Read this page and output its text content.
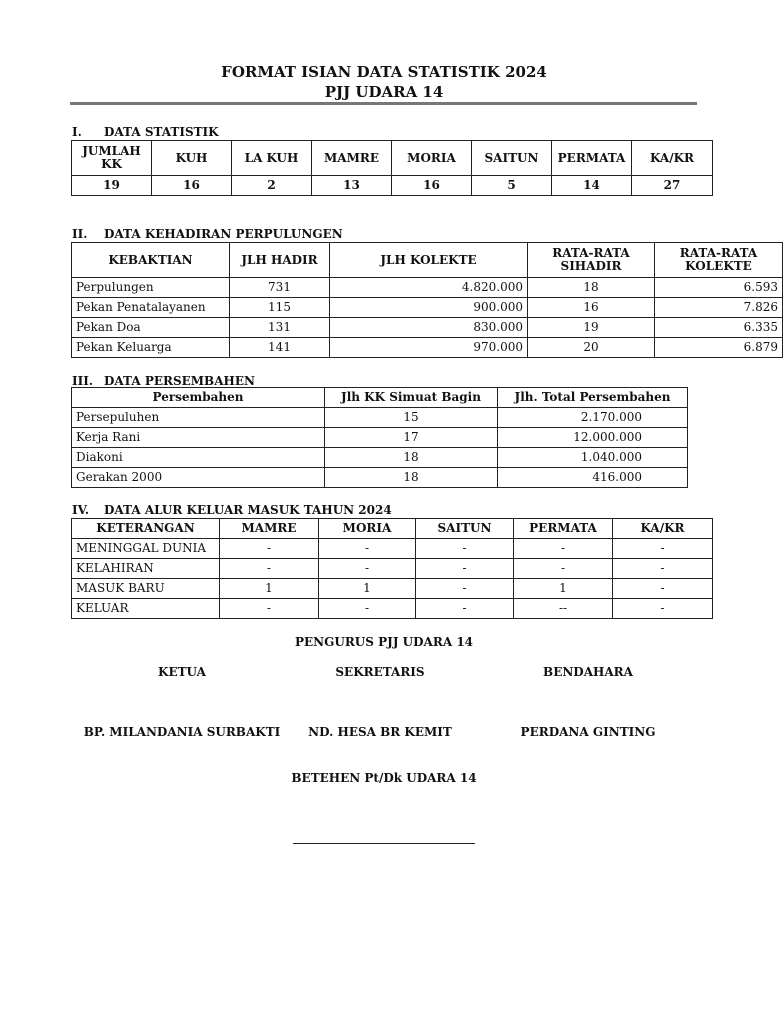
FORMAT ISIAN DATA STATISTIK 2024
PJJ UDARA 14
I. DATA STATISTIK
JUMLAH KK	KUH	LA KUH	MAMRE	MORIA	SAITUN	PERMATA	KA/KR
19	16	2	13	16	5	14	27
II. DATA KEHADIRAN PERPULUNGEN
KEBAKTIAN	JLH HADIR	JLH KOLEKTE	RATA-RATA SIHADIR	RATA-RATA KOLEKTE
Perpulungen	731	4.820.000	18	6.593
Pekan Penatalayanen	115	900.000	16	7.826
Pekan Doa	131	830.000	19	6.335
Pekan Keluarga	141	970.000	20	6.879
III. DATA PERSEMBAHEN
Persembahen	Jlh KK Simuat Bagin	Jlh. Total Persembahen
Persepuluhen	15	2.170.000
Kerja Rani	17	12.000.000
Diakoni	18	1.040.000
Gerakan 2000	18	416.000
IV. DATA ALUR KELUAR MASUK TAHUN 2024
KETERANGAN	MAMRE	MORIA	SAITUN	PERMATA	KA/KR
MENINGGAL DUNIA	-	-	-	-	-
KELAHIRAN	-	-	-	-	-
MASUK BARU	1	1	-	1	-
KELUAR	-	-	-	--	-
PENGURUS PJJ UDARA 14
KETUA	SEKRETARIS	BENDAHARA
BP. MILANDANIA SURBAKTI	ND. HESA BR KEMIT	PERDANA GINTING
BETEHEN Pt/Dk UDARA 14
